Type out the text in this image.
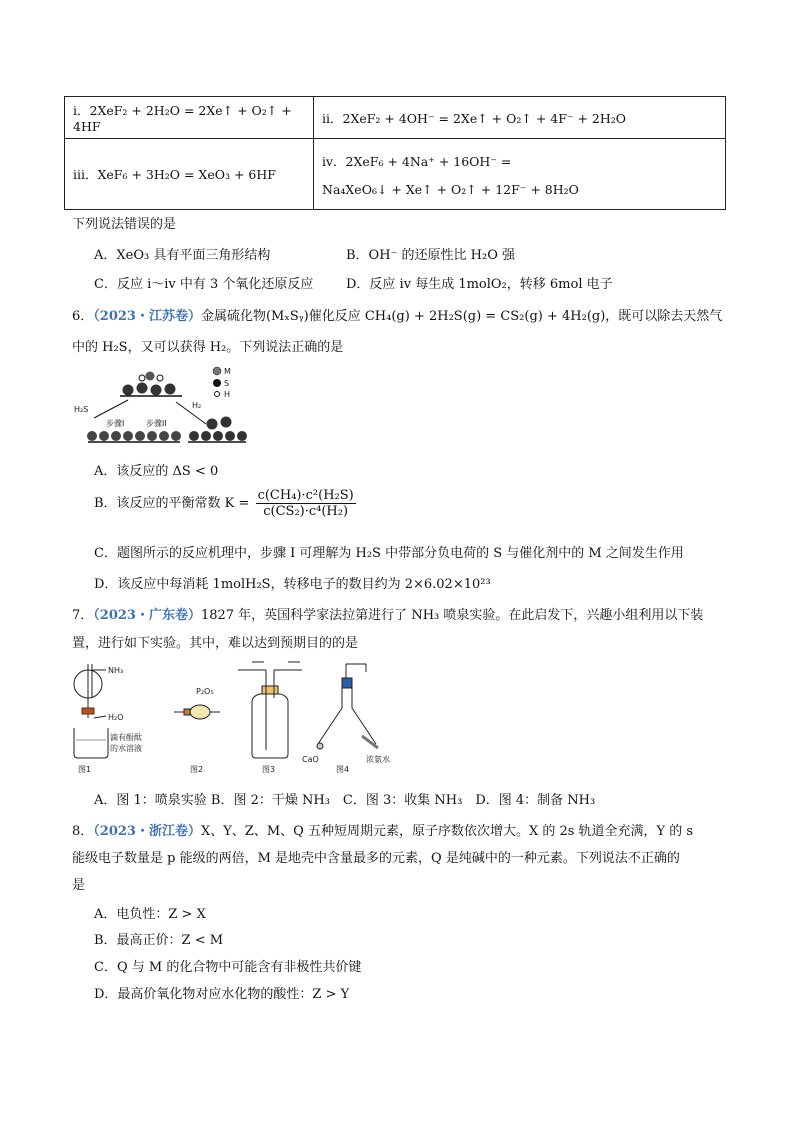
i．2XeF₂ + 2H₂O = 2Xe↑ + O₂↑ + 4HF	ii．2XeF₂ + 4OH⁻ = 2Xe↑ + O₂↑ + 4F⁻ + 2H₂O
iii．XeF₆ + 3H₂O = XeO₃ + 6HF	iv．2XeF₆ + 4Na⁺ + 16OH⁻ =
Na₄XeO₆↓ + Xe↑ + O₂↑ + 12F⁻ + 8H₂O
下列说法错误的是
A．XeO₃ 具有平面三角形结构	B．OH⁻ 的还原性比 H₂O 强
C．反应 i～iv 中有 3 个氧化还原反应	D．反应 iv 每生成 1molO₂，转移 6mol 电子
6．（2023・江苏卷）金属硫化物(MₓSᵧ)催化反应 CH₄(g) + 2H₂S(g) = CS₂(g) + 4H₂(g)，既可以除去天然气
中的 H₂S，又可以获得 H₂。下列说法正确的是
H₂S	H₂
步骤I	步骤II
M
S
H
A．该反应的 ΔS < 0
B．该反应的平衡常数 $K = \frac{\text{c(CH₄)·c²(H₂S)}}{\text{c(CS₂)·c⁴(H₂)}}$
C．题图所示的反应机理中，步骤 I 可理解为 H₂S 中带部分负电荷的 S 与催化剂中的 M 之间发生作用
D．该反应中每消耗 1molH₂S，转移电子的数目约为 2×6.02×10²³
7．（2023・广东卷）1827 年，英国科学家法拉第进行了 NH₃ 喷泉实验。在此启发下，兴趣小组利用以下装
置，进行如下实验。其中，难以达到预期目的的是
NH₃
H₂O
滴有酚酞
的水溶液
图1
P₂O₅
图2	图3
CaO	浓氨水
图4
A．图 1：喷泉实验 B．图 2：干燥 NH₃　C．图 3：收集 NH₃　D．图 4：制备 NH₃
8．（2023・浙江卷）X、Y、Z、M、Q 五种短周期元素，原子序数依次增大。X 的 2s 轨道全充满，Y 的 s
能级电子数量是 p 能级的两倍，M 是地壳中含量最多的元素，Q 是纯碱中的一种元素。下列说法不正确的
是
A．电负性：Z > X
B．最高正价：Z < M
C．Q 与 M 的化合物中可能含有非极性共价键
D．最高价氧化物对应水化物的酸性：Z > Y
